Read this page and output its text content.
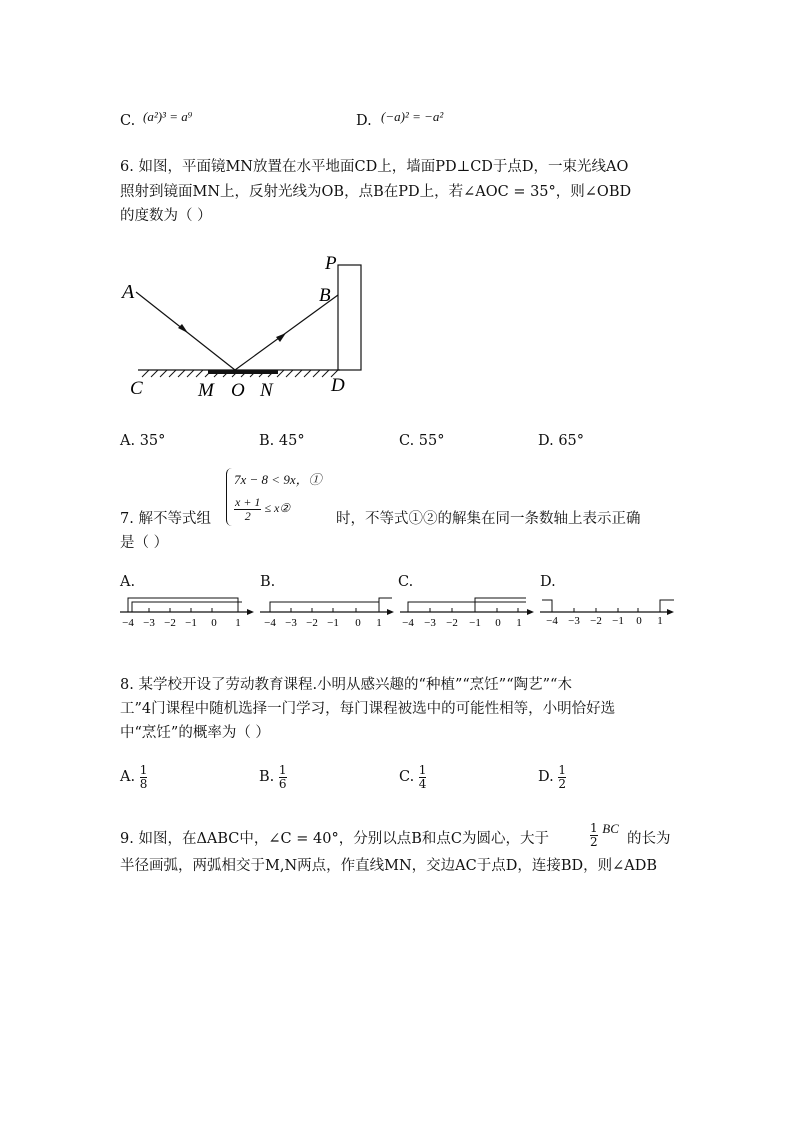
C. (a²)³ = a⁹	D. (−a)² = −a²
6. 如图，平面镜MN放置在水平地面CD上，墙面PD⊥CD于点D，一束光线AO
照射到镜面MN上，反射光线为OB，点B在PD上，若∠AOC = 35°，则∠OBD
的度数为（ ）
A	B
P
C	M O N	D
A. 35°	B. 45°	C. 55°	D. 65°
7x − 8 < 9x，①
$\frac{x + 1}{2}$ ≤ x②
7. 解不等式组	时，不等式①②的解集在同一条数轴上表示正确
是（ ）
A.	B.	C.	D.
−4 −3 −2 −1 0 1 −4 −3 −2 −1 0 1 −4 −3 −2 −1 0 1 −4 −3 −2 −1 0 1
8. 某学校开设了劳动教育课程.小明从感兴趣的“种植”“烹饪”“陶艺”“木
工”4门课程中随机选择一门学习，每门课程被选中的可能性相等，小明恰好选
中“烹饪”的概率为（ ）
A. $\frac{1}{8}$	B. $\frac{1}{6}$	C. $\frac{1}{4}$	D. $\frac{1}{2}$
9. 如图，在ΔABC中，∠C = 40°，分别以点B和点C为圆心，大于	$\frac{1}{2}$ BC
的长为
半径画弧，两弧相交于M,N两点，作直线MN，交边AC于点D，连接BD，则∠ADB
